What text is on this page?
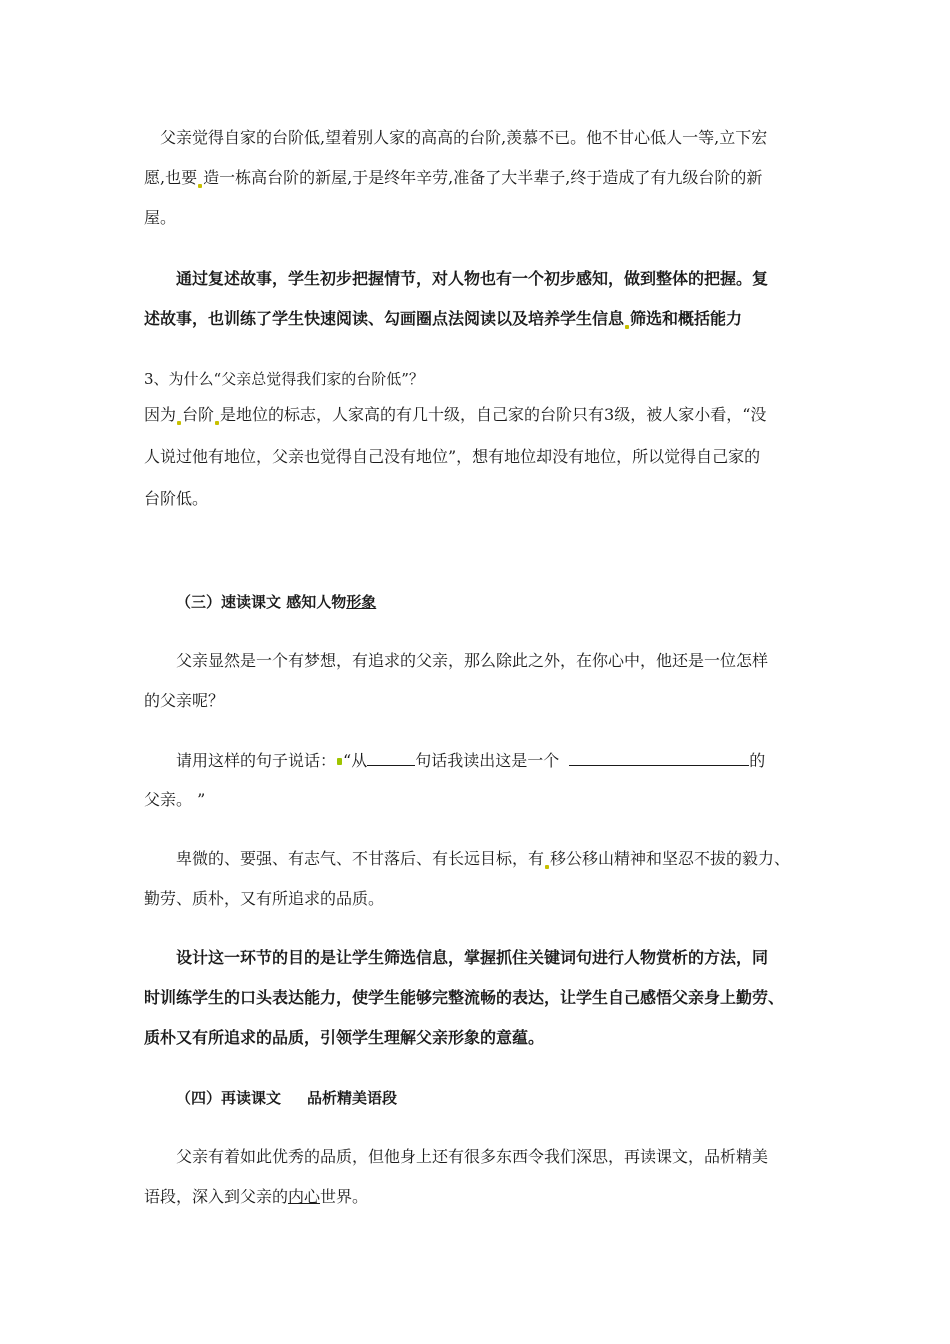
父亲觉得自家的台阶低,望着别人家的高高的台阶,羡慕不已。他不甘心低人一等,立下宏
愿,也要 造一栋高台阶的新屋,于是终年辛劳,准备了大半辈子,终于造成了有九级台阶的新
屋。
通过复述故事，学生初步把握情节，对人物也有一个初步感知，做到整体的把握。复
述故事，也训练了学生快速阅读、勾画圈点法阅读以及培养学生信息 筛选和概括能力
3、为什么“父亲总觉得我们家的台阶低”？
因为 台阶 是地位的标志，人家高的有几十级，自己家的台阶只有3级，被人家小看，“没
人说过他有地位，父亲也觉得自己没有地位”，想有地位却没有地位，所以觉得自己家的
台阶低。
（三）速读课文 感知人物形象
父亲显然是一个有梦想，有追求的父亲，那么除此之外，在你心中，他还是一位怎样
的父亲呢？
请用这样的句子说话： “从	句话我读出这是一个	的
父亲。 ”
卑微的、要强、有志气、不甘落后、有长远目标，有 移公移山精神和坚忍不拔的毅力、
勤劳、质朴，又有所追求的品质。
设计这一环节的目的是让学生筛选信息，掌握抓住关键词句进行人物赏析的方法，同
时训练学生的口头表达能力，使学生能够完整流畅的表达，让学生自己感悟父亲身上勤劳、
质朴又有所追求的品质，引领学生理解父亲形象的意蕴。
（四）再读课文 品析精美语段
父亲有着如此优秀的品质，但他身上还有很多东西令我们深思，再读课文，品析精美
语段，深入到父亲的内心世界。
